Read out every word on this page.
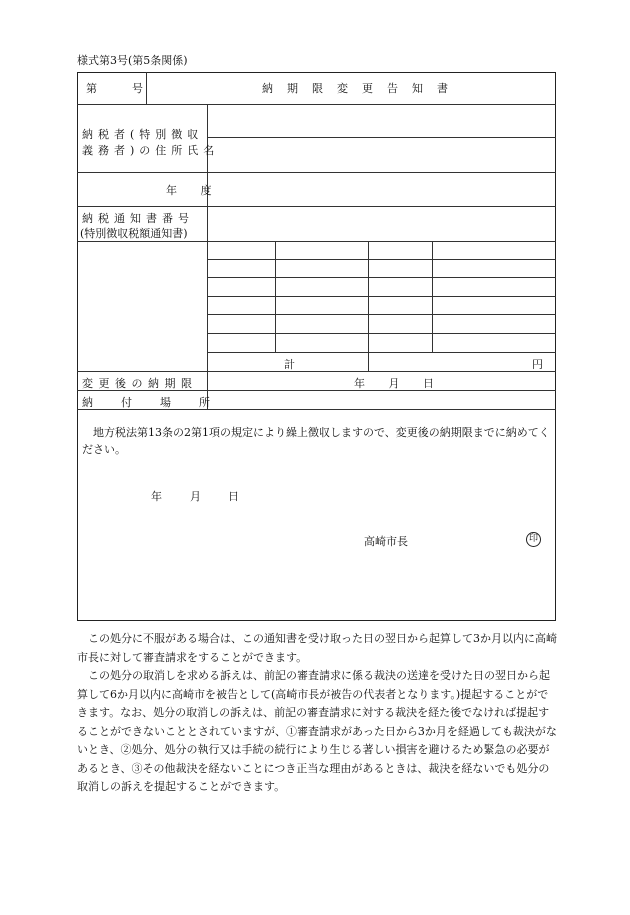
様式第3号(第5条関係)
第	号	納期限変更告知書
納税者(特別徴収
義務者)の住所氏名
年 度
納税通知書番号
(特別徴収税額通知書)
計	円
変更後の納期限	年 月 日
納付場所
地方税法第13条の2第1項の規定により繰上徴収しますので、変更後の納期限までに納めてください。
年	月 日
高崎市長	印
この処分に不服がある場合は、この通知書を受け取った日の翌日から起算して3か月以内に高崎市長に対して審査請求をすることができます。
この処分の取消しを求める訴えは、前記の審査請求に係る裁決の送達を受けた日の翌日から起算して6か月以内に高崎市を被告として(高崎市長が被告の代表者となります。)提起することができます。なお、処分の取消しの訴えは、前記の審査請求に対する裁決を経た後でなければ提起することができないこととされていますが、①審査請求があった日から3か月を経過しても裁決がないとき、②処分、処分の執行又は手続の続行により生じる著しい損害を避けるため緊急の必要があるとき、③その他裁決を経ないことにつき正当な理由があるときは、裁決を経ないでも処分の取消しの訴えを提起することができます。
